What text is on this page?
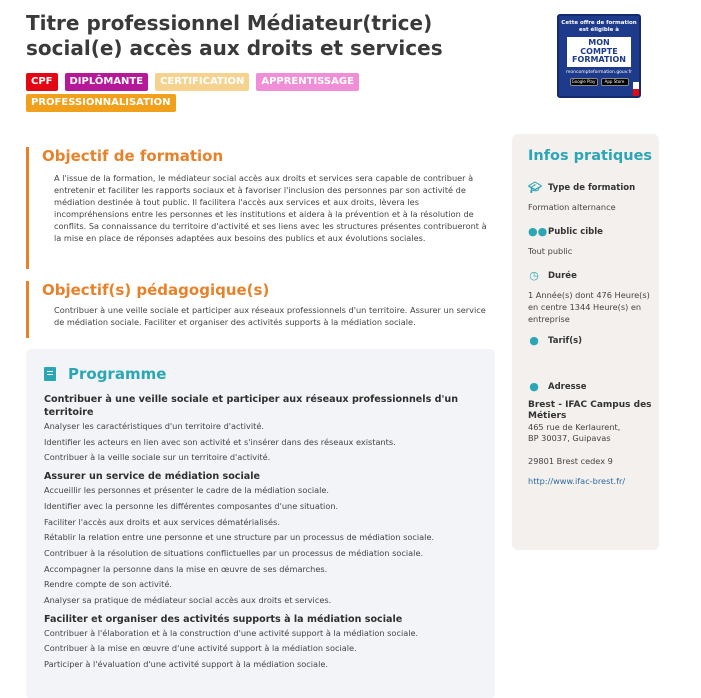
Titre professionnel Médiateur(trice) social(e) accès aux droits et services
CPF	DIPLÔMANTE	CERTIFICATION	APPRENTISSAGE
PROFESSIONNALISATION
Cette offre de formation est éligible à
MON
COMPTE
FORMATION
moncompteformation.gouv.fr
Google Play	App Store
Objectif de formation

A l'issue de la formation, le médiateur social accès aux droits et services sera capable de contribuer à entretenir et faciliter les rapports sociaux et à favoriser l'inclusion des personnes par son activité de médiation destinée à tout public. Il facilitera l'accès aux services et aux droits, lèvera les incompréhensions entre les personnes et les institutions et aidera à la prévention et à la résolution de conflits. Sa connaissance du territoire d'activité et ses liens avec les structures présentes contribueront à la mise en place de réponses adaptées aux besoins des publics et aux évolutions sociales.

Objectif(s) pédagogique(s)

Contribuer à une veille sociale et participer aux réseaux professionnels d'un territoire. Assurer un service de médiation sociale. Faciliter et organiser des activités supports à la médiation sociale.

Programme
Contribuer à une veille sociale et participer aux réseaux professionnels d'un territoire
Analyser les caractéristiques d'un territoire d'activité.
Identifier les acteurs en lien avec son activité et s'insérer dans des réseaux existants.
Contribuer à la veille sociale sur un territoire d'activité.
Assurer un service de médiation sociale
Accueillir les personnes et présenter le cadre de la médiation sociale.
Identifier avec la personne les différentes composantes d'une situation.
Faciliter l'accès aux droits et aux services dématérialisés.
Rétablir la relation entre une personne et une structure par un processus de médiation sociale.
Contribuer à la résolution de situations conflictuelles par un processus de médiation sociale.
Accompagner la personne dans la mise en œuvre de ses démarches.
Rendre compte de son activité.
Analyser sa pratique de médiateur social accès aux droits et services.
Faciliter et organiser des activités supports à la médiation sociale
Contribuer à l'élaboration et à la construction d'une activité support à la médiation sociale.
Contribuer à la mise en œuvre d'une activité support à la médiation sociale.
Participer à l'évaluation d'une activité support à la médiation sociale.
Infos pratiques
🎓︎ Type de formation
Formation alternance
●● Public cible
Tout public
◷ Durée
1 Année(s) dont 476 Heure(s) en centre 1344 Heure(s) en entreprise
● Tarif(s)
● Adresse
Brest - IFAC Campus des Métiers
465 rue de Kerlaurent,
BP 30037, Guipavas
29801 Brest cedex 9
http://www.ifac-brest.fr/
